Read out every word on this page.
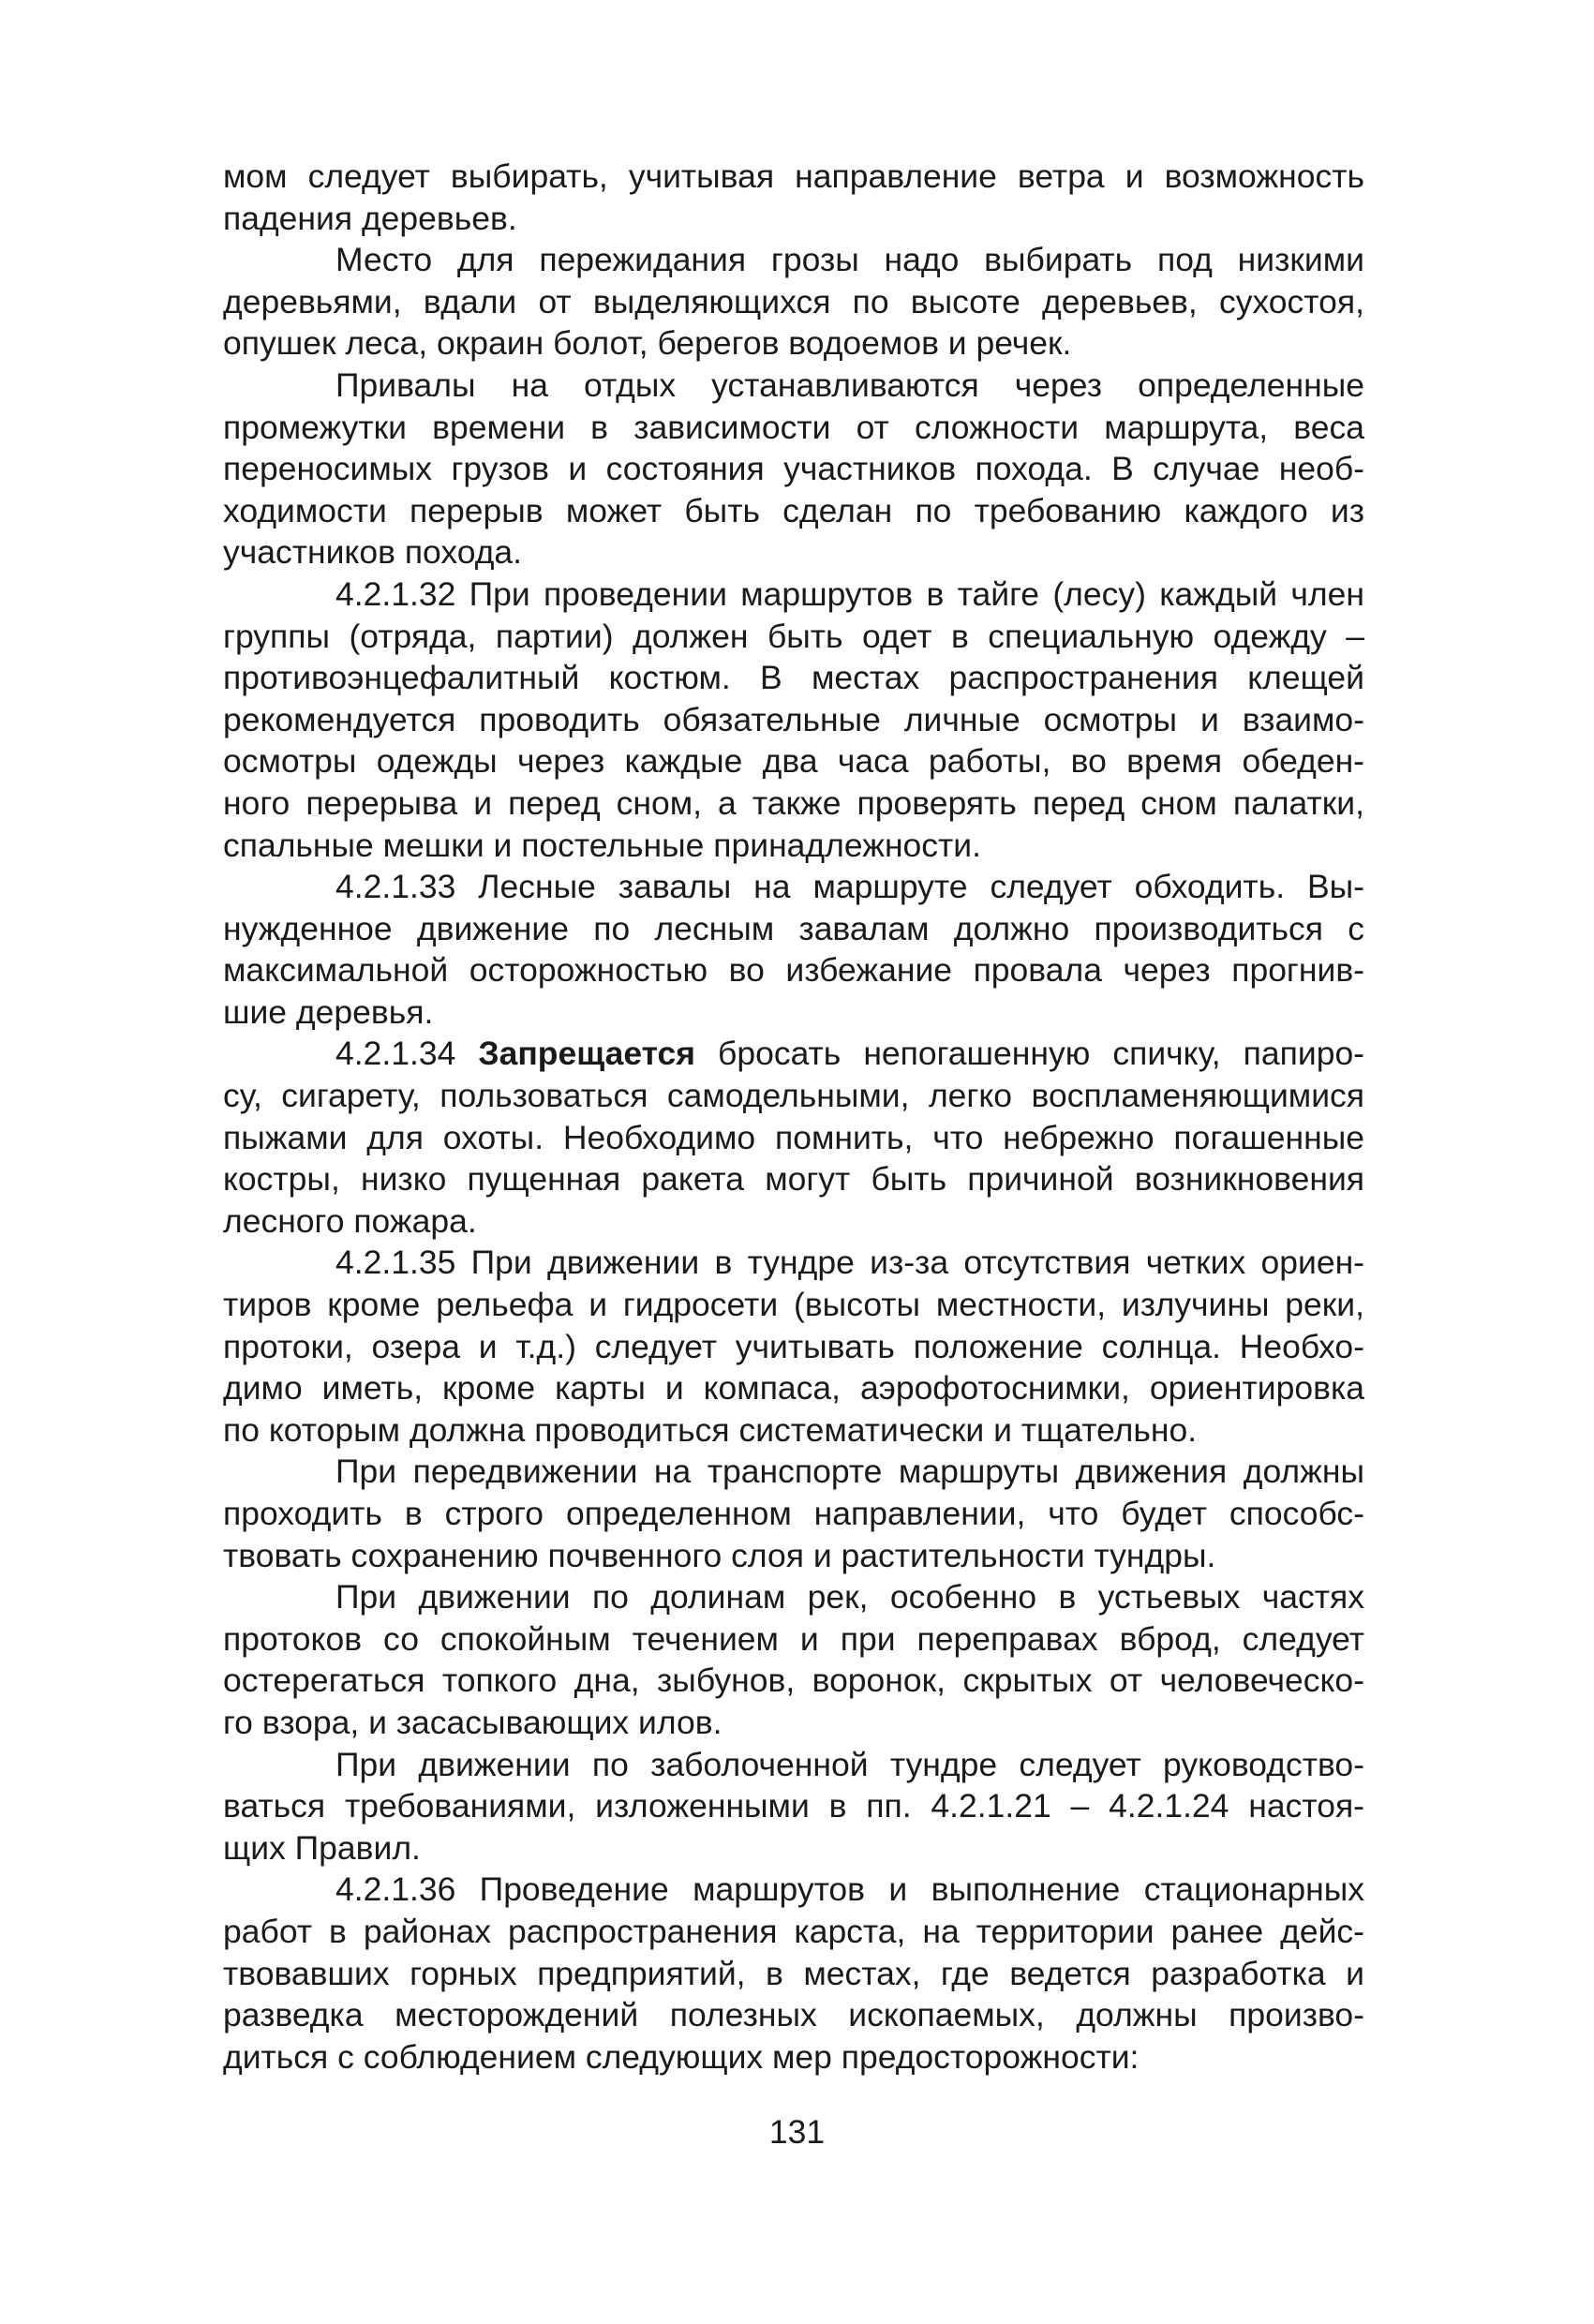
мом следует выбирать, учитывая направление ветра и возможность

падения деревьев.

Место для пережидания грозы надо выбирать под низкими

деревьями, вдали от выделяющихся по высоте деревьев, сухостоя,

опушек леса, окраин болот, берегов водоемов и речек.

Привалы на отдых устанавливаются через определенные

промежутки времени в зависимости от сложности маршрута, веса

переносимых грузов и состояния участников похода. В случае необ-

ходимости перерыв может быть сделан по требованию каждого из

участников похода.

4.2.1.32 При проведении маршрутов в тайге (лесу) каждый член

группы (отряда, партии) должен быть одет в специальную одежду –

противоэнцефалитный костюм. В местах распространения клещей

рекомендуется проводить обязательные личные осмотры и взаимо-

осмотры одежды через каждые два часа работы, во время обеден-

ного перерыва и перед сном, а также проверять перед сном палатки,

спальные мешки и постельные принадлежности.

4.2.1.33 Лесные завалы на маршруте следует обходить. Вы-

нужденное движение по лесным завалам должно производиться с

максимальной осторожностью во избежание провала через прогнив-

шие деревья.

4.2.1.34 Запрещается бросать непогашенную спичку, папиро-

су, сигарету, пользоваться самодельными, легко воспламеняющимися

пыжами для охоты. Необходимо помнить, что небрежно погашенные

костры, низко пущенная ракета могут быть причиной возникновения

лесного пожара.

4.2.1.35 При движении в тундре из-за отсутствия четких ориен-

тиров кроме рельефа и гидросети (высоты местности, излучины реки,

протоки, озера и т.д.) следует учитывать положение солнца. Необхо-

димо иметь, кроме карты и компаса, аэрофотоснимки, ориентировка

по которым должна проводиться систематически и тщательно.

При передвижении на транспорте маршруты движения должны

проходить в строго определенном направлении, что будет способс-

твовать сохранению почвенного слоя и растительности тундры.

При движении по долинам рек, особенно в устьевых частях

протоков со спокойным течением и при переправах вброд, следует

остерегаться топкого дна, зыбунов, воронок, скрытых от человеческо-

го взора, и засасывающих илов.

При движении по заболоченной тундре следует руководство-

ваться требованиями, изложенными в пп. 4.2.1.21 – 4.2.1.24 настоя-

щих Правил.

4.2.1.36 Проведение маршрутов и выполнение стационарных

работ в районах распространения карста, на территории ранее дейс-

твовавших горных предприятий, в местах, где ведется разработка и

разведка месторождений полезных ископаемых, должны произво-

диться с соблюдением следующих мер предосторожности:

131
